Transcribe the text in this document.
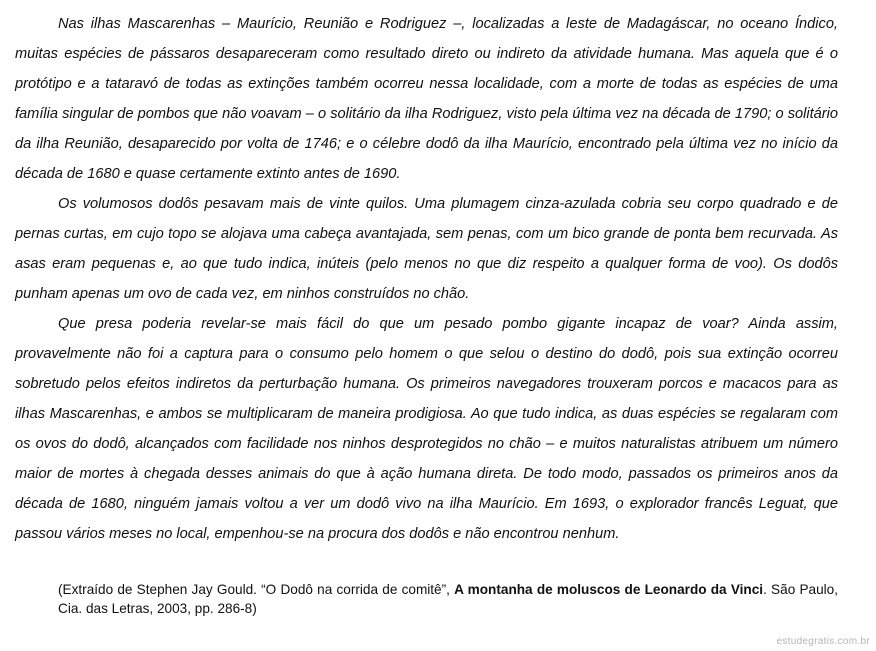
Nas ilhas Mascarenhas – Maurício, Reunião e Rodriguez –, localizadas a leste de Madagáscar, no oceano Índico, muitas espécies de pássaros desapareceram como resultado direto ou indireto da atividade humana. Mas aquela que é o protótipo e a tataravó de todas as extinções também ocorreu nessa localidade, com a morte de todas as espécies de uma família singular de pombos que não voavam – o solitário da ilha Rodriguez, visto pela última vez na década de 1790; o solitário da ilha Reunião, desaparecido por volta de 1746; e o célebre dodô da ilha Maurício, encontrado pela última vez no início da década de 1680 e quase certamente extinto antes de 1690.

Os volumosos dodôs pesavam mais de vinte quilos. Uma plumagem cinza-azulada cobria seu corpo quadrado e de pernas curtas, em cujo topo se alojava uma cabeça avantajada, sem penas, com um bico grande de ponta bem recurvada. As asas eram pequenas e, ao que tudo indica, inúteis (pelo menos no que diz respeito a qualquer forma de voo). Os dodôs punham apenas um ovo de cada vez, em ninhos construídos no chão.

Que presa poderia revelar-se mais fácil do que um pesado pombo gigante incapaz de voar? Ainda assim, provavelmente não foi a captura para o consumo pelo homem o que selou o destino do dodô, pois sua extinção ocorreu sobretudo pelos efeitos indiretos da perturbação humana. Os primeiros navegadores trouxeram porcos e macacos para as ilhas Mascarenhas, e ambos se multiplicaram de maneira prodigiosa. Ao que tudo indica, as duas espécies se regalaram com os ovos do dodô, alcançados com facilidade nos ninhos desprotegidos no chão – e muitos naturalistas atribuem um número maior de mortes à chegada desses animais do que à ação humana direta. De todo modo, passados os primeiros anos da década de 1680, ninguém jamais voltou a ver um dodô vivo na ilha Maurício. Em 1693, o explorador francês Leguat, que passou vários meses no local, empenhou-se na procura dos dodôs e não encontrou nenhum.

(Extraído de Stephen Jay Gould. “O Dodô na corrida de comitê”, A montanha de moluscos de Leonardo da Vinci. São Paulo, Cia. das Letras, 2003, pp. 286-8)

estudegratis.com.br
